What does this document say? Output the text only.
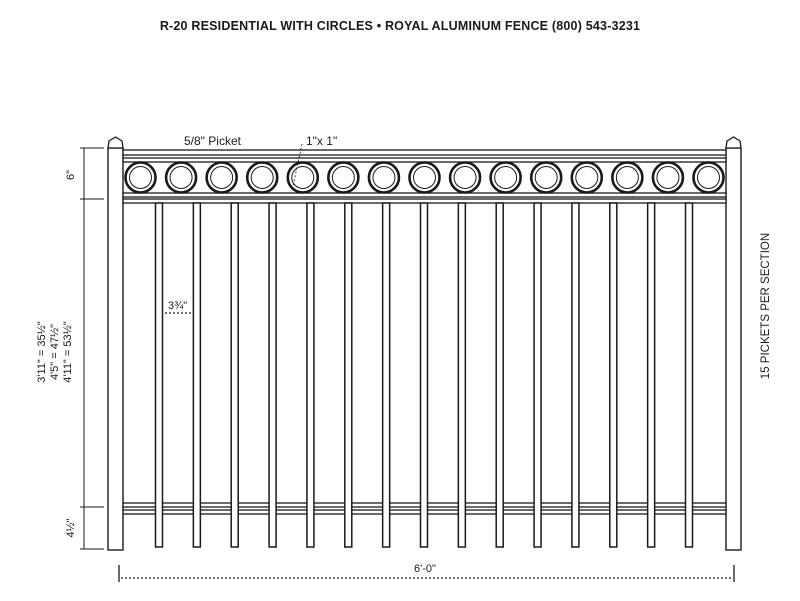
R-20 RESIDENTIAL WITH CIRCLES • ROYAL ALUMINUM FENCE (800) 543-3231
5/8" Picket	1"x 1"
3¾"
6"
4½"
3'11" = 35½" 4'5" = 47½" 4'11" = 53½"	15 PICKETS PER SECTION
6'-0"
